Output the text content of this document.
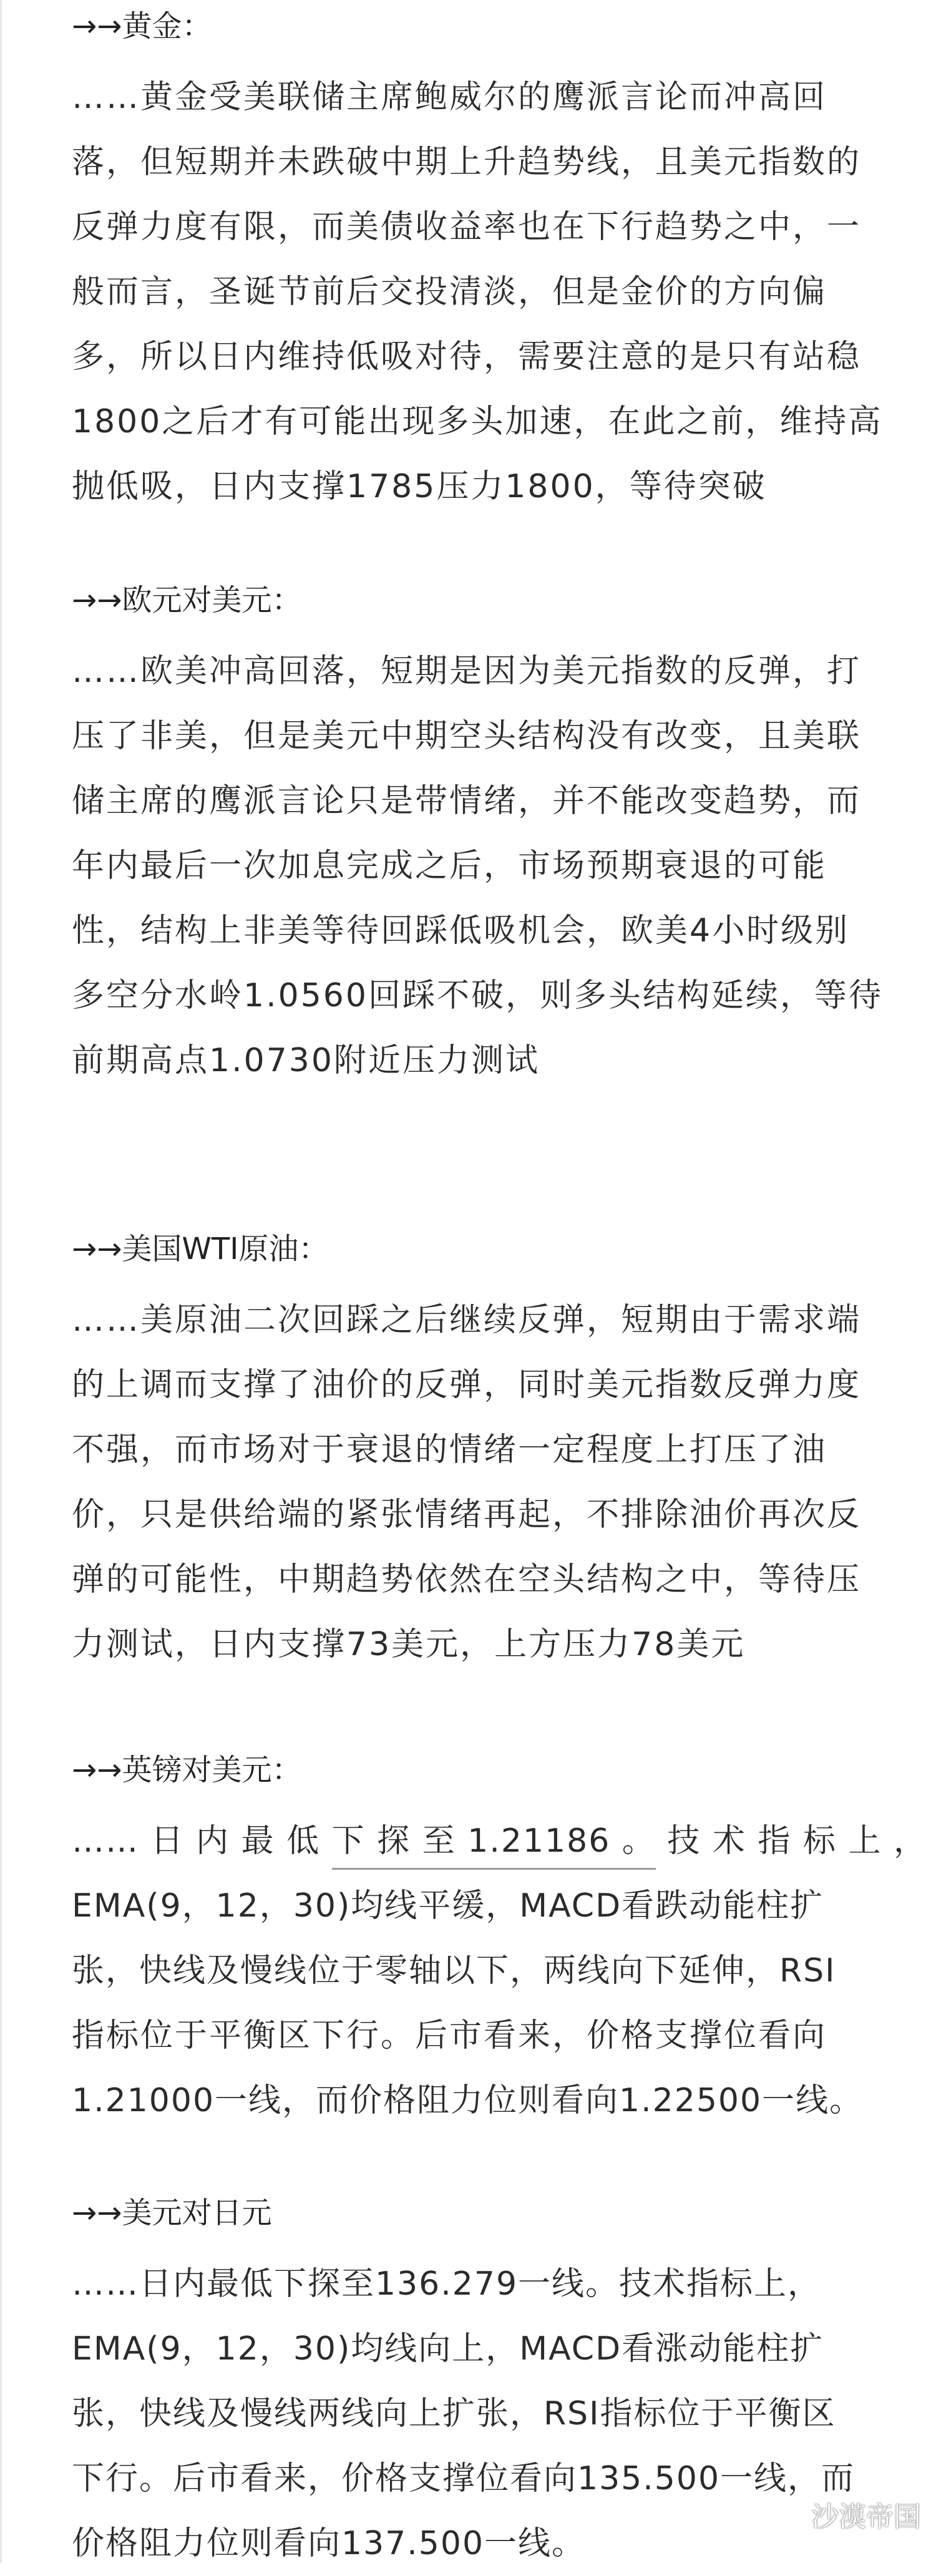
→→黄金：
……黄金受美联储主席鲍威尔的鹰派言论而冲高回
落，但短期并未跌破中期上升趋势线，且美元指数的
反弹力度有限，而美债收益率也在下行趋势之中，一
般而言，圣诞节前后交投清淡，但是金价的方向偏
多，所以日内维持低吸对待，需要注意的是只有站稳
1800之后才有可能出现多头加速，在此之前，维持高
抛低吸，日内支撑1785压力1800，等待突破
→→欧元对美元：
……欧美冲高回落，短期是因为美元指数的反弹，打
压了非美，但是美元中期空头结构没有改变，且美联
储主席的鹰派言论只是带情绪，并不能改变趋势，而
年内最后一次加息完成之后，市场预期衰退的可能
性，结构上非美等待回踩低吸机会，欧美4小时级别
多空分水岭1.0560回踩不破，则多头结构延续，等待
前期高点1.0730附近压力测试
→→美国WTI原油：
……美原油二次回踩之后继续反弹，短期由于需求端
的上调而支撑了油价的反弹，同时美元指数反弹力度
不强，而市场对于衰退的情绪一定程度上打压了油
价，只是供给端的紧张情绪再起，不排除油价再次反
弹的可能性，中期趋势依然在空头结构之中，等待压
力测试，日内支撑73美元，上方压力78美元
→→英镑对美元：
…… 日 内 最 低 下 探 至 1.21186 。 技 术 指 标 上 ，
EMA(9，12，30)均线平缓，MACD看跌动能柱扩
张，快线及慢线位于零轴以下，两线向下延伸，RSI
指标位于平衡区下行。后市看来，价格支撑位看向
1.21000一线，而价格阻力位则看向1.22500一线。
→→美元对日元
……日内最低下探至136.279一线。技术指标上，
EMA(9，12，30)均线向上，MACD看涨动能柱扩
张，快线及慢线两线向上扩张，RSI指标位于平衡区
下行。后市看来，价格支撑位看向135.500一线，而
价格阻力位则看向137.500一线。
沙漠帝国
